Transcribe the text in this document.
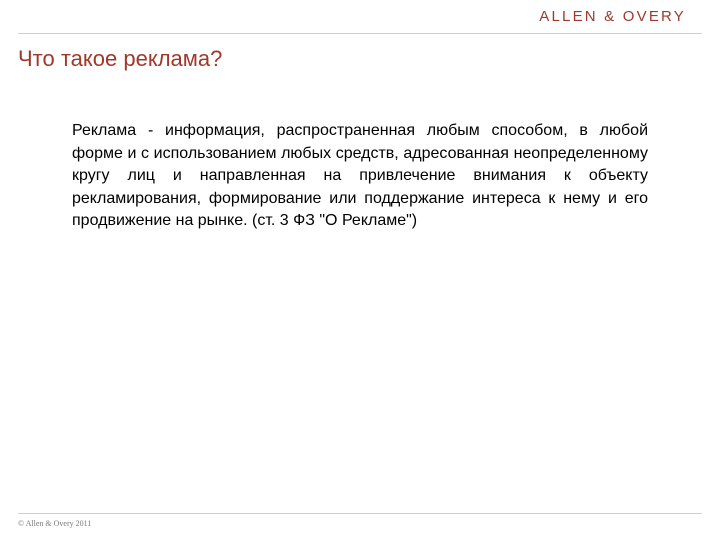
ALLEN & OVERY
Что такое реклама?

Реклама - информация, распространенная любым способом, в любой форме и с использованием любых средств, адресованная неопределенному кругу лиц и направленная на привлечение внимания к объекту рекламирования, формирование или поддержание интереса к нему и его продвижение на рынке. (ст. 3 ФЗ "О Рекламе")

© Allen & Overy 2011
